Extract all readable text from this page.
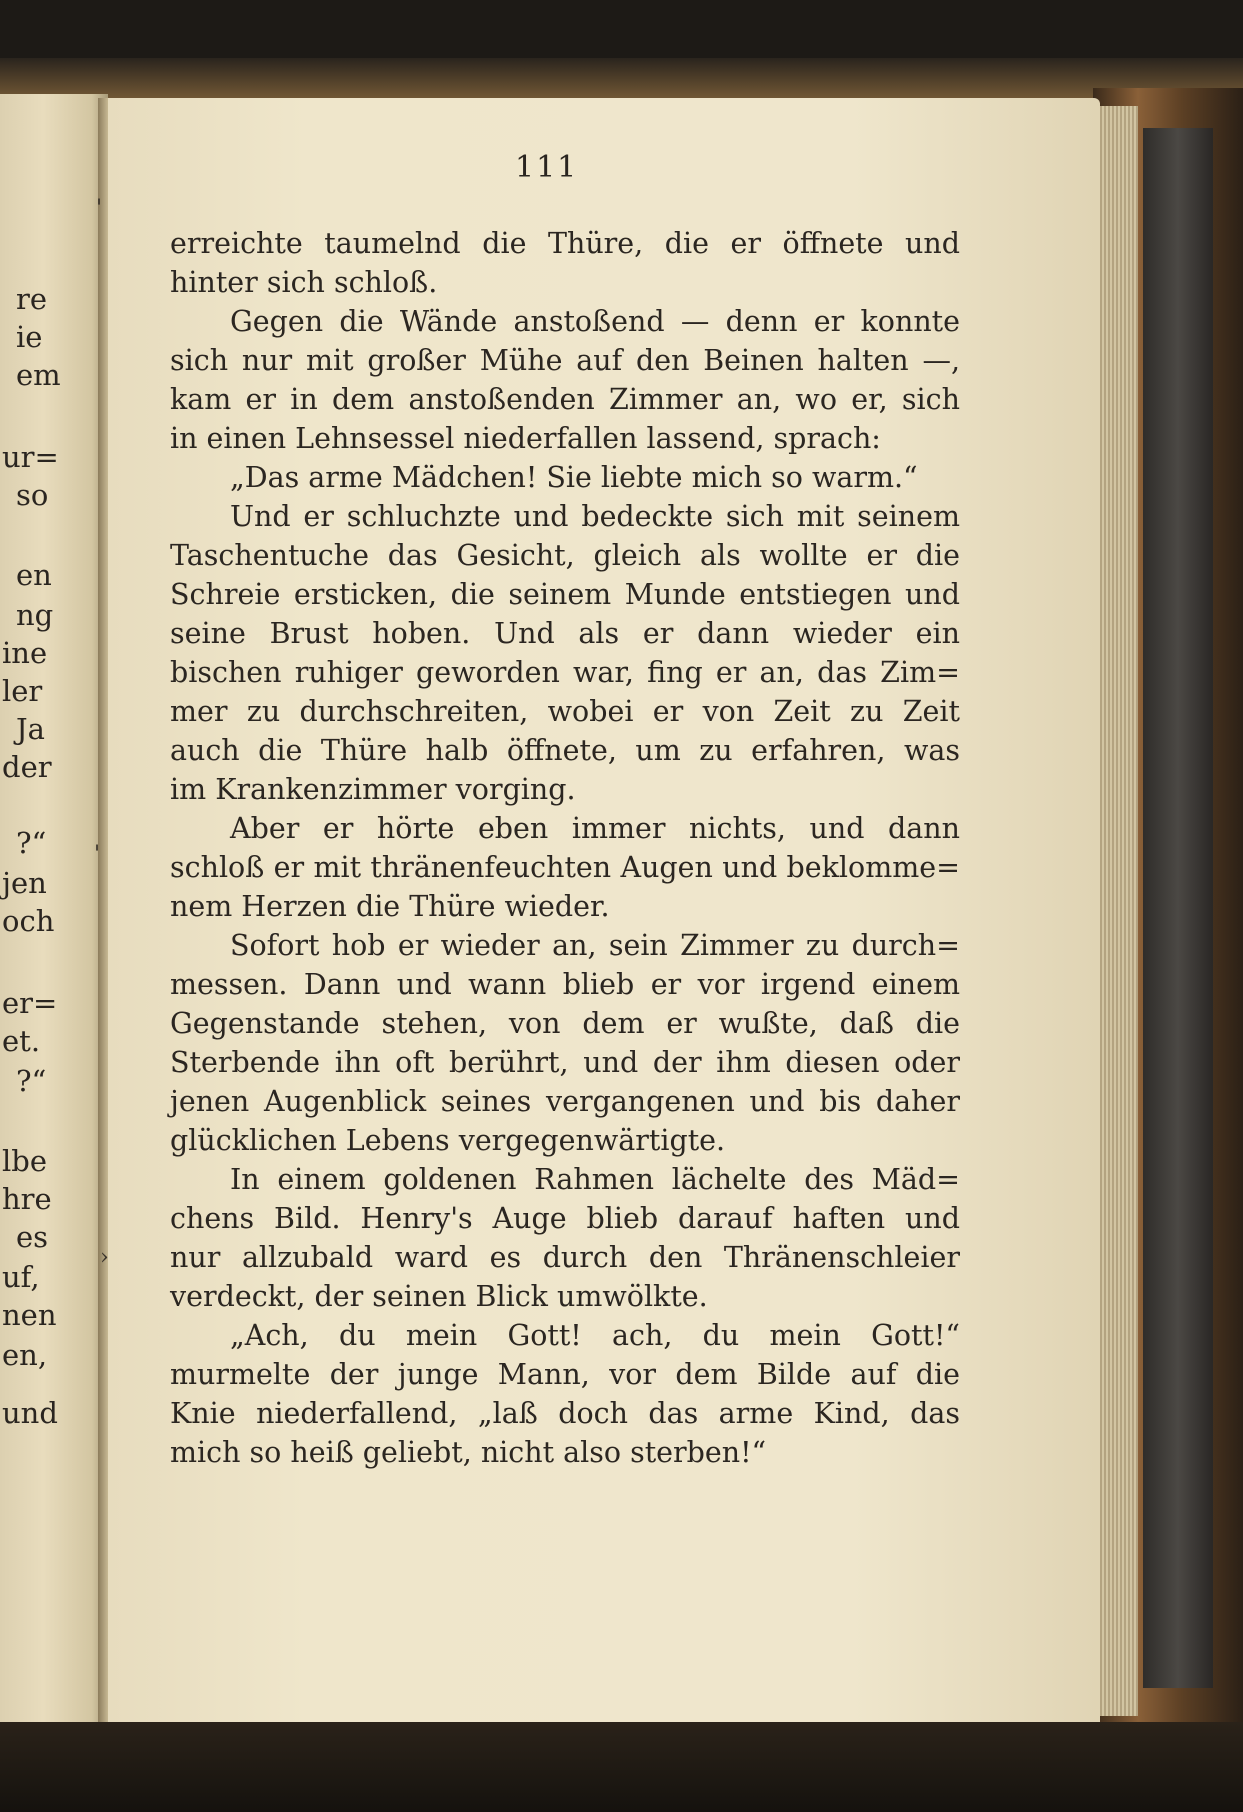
re
ie
em
ur=
so
en
ng
ine
ler
Ja
der
?“
jen
och
er=
et.
?“
lbe
hre
es
uf,
nen
en,
und
111
erreichte taumelnd die Thüre, die er öffnete und
hinter sich schloß.
Gegen die Wände anstoßend — denn er konnte
sich nur mit großer Mühe auf den Beinen halten —,
kam er in dem anstoßenden Zimmer an, wo er, sich
in einen Lehnsessel niederfallen lassend, sprach:
„Das arme Mädchen! Sie liebte mich so warm.“
Und er schluchzte und bedeckte sich mit seinem
Taschentuche das Gesicht, gleich als wollte er die
Schreie ersticken, die seinem Munde entstiegen und
seine Brust hoben. Und als er dann wieder ein
bischen ruhiger geworden war, fing er an, das Zim=
mer zu durchschreiten, wobei er von Zeit zu Zeit
auch die Thüre halb öffnete, um zu erfahren, was
im Krankenzimmer vorging.
Aber er hörte eben immer nichts, und dann
schloß er mit thränenfeuchten Augen und beklomme=
nem Herzen die Thüre wieder.
Sofort hob er wieder an, sein Zimmer zu durch=
messen. Dann und wann blieb er vor irgend einem
Gegenstande stehen, von dem er wußte, daß die
Sterbende ihn oft berührt, und der ihm diesen oder
jenen Augenblick seines vergangenen und bis daher
glücklichen Lebens vergegenwärtigte.
In einem goldenen Rahmen lächelte des Mäd=
chens Bild. Henry's Auge blieb darauf haften und
nur allzubald ward es durch den Thränenschleier
verdeckt, der seinen Blick umwölkte.
„Ach, du mein Gott! ach, du mein Gott!“
murmelte der junge Mann, vor dem Bilde auf die
Knie niederfallend, „laß doch das arme Kind, das
mich so heiß geliebt, nicht also sterben!“
'
'
›
